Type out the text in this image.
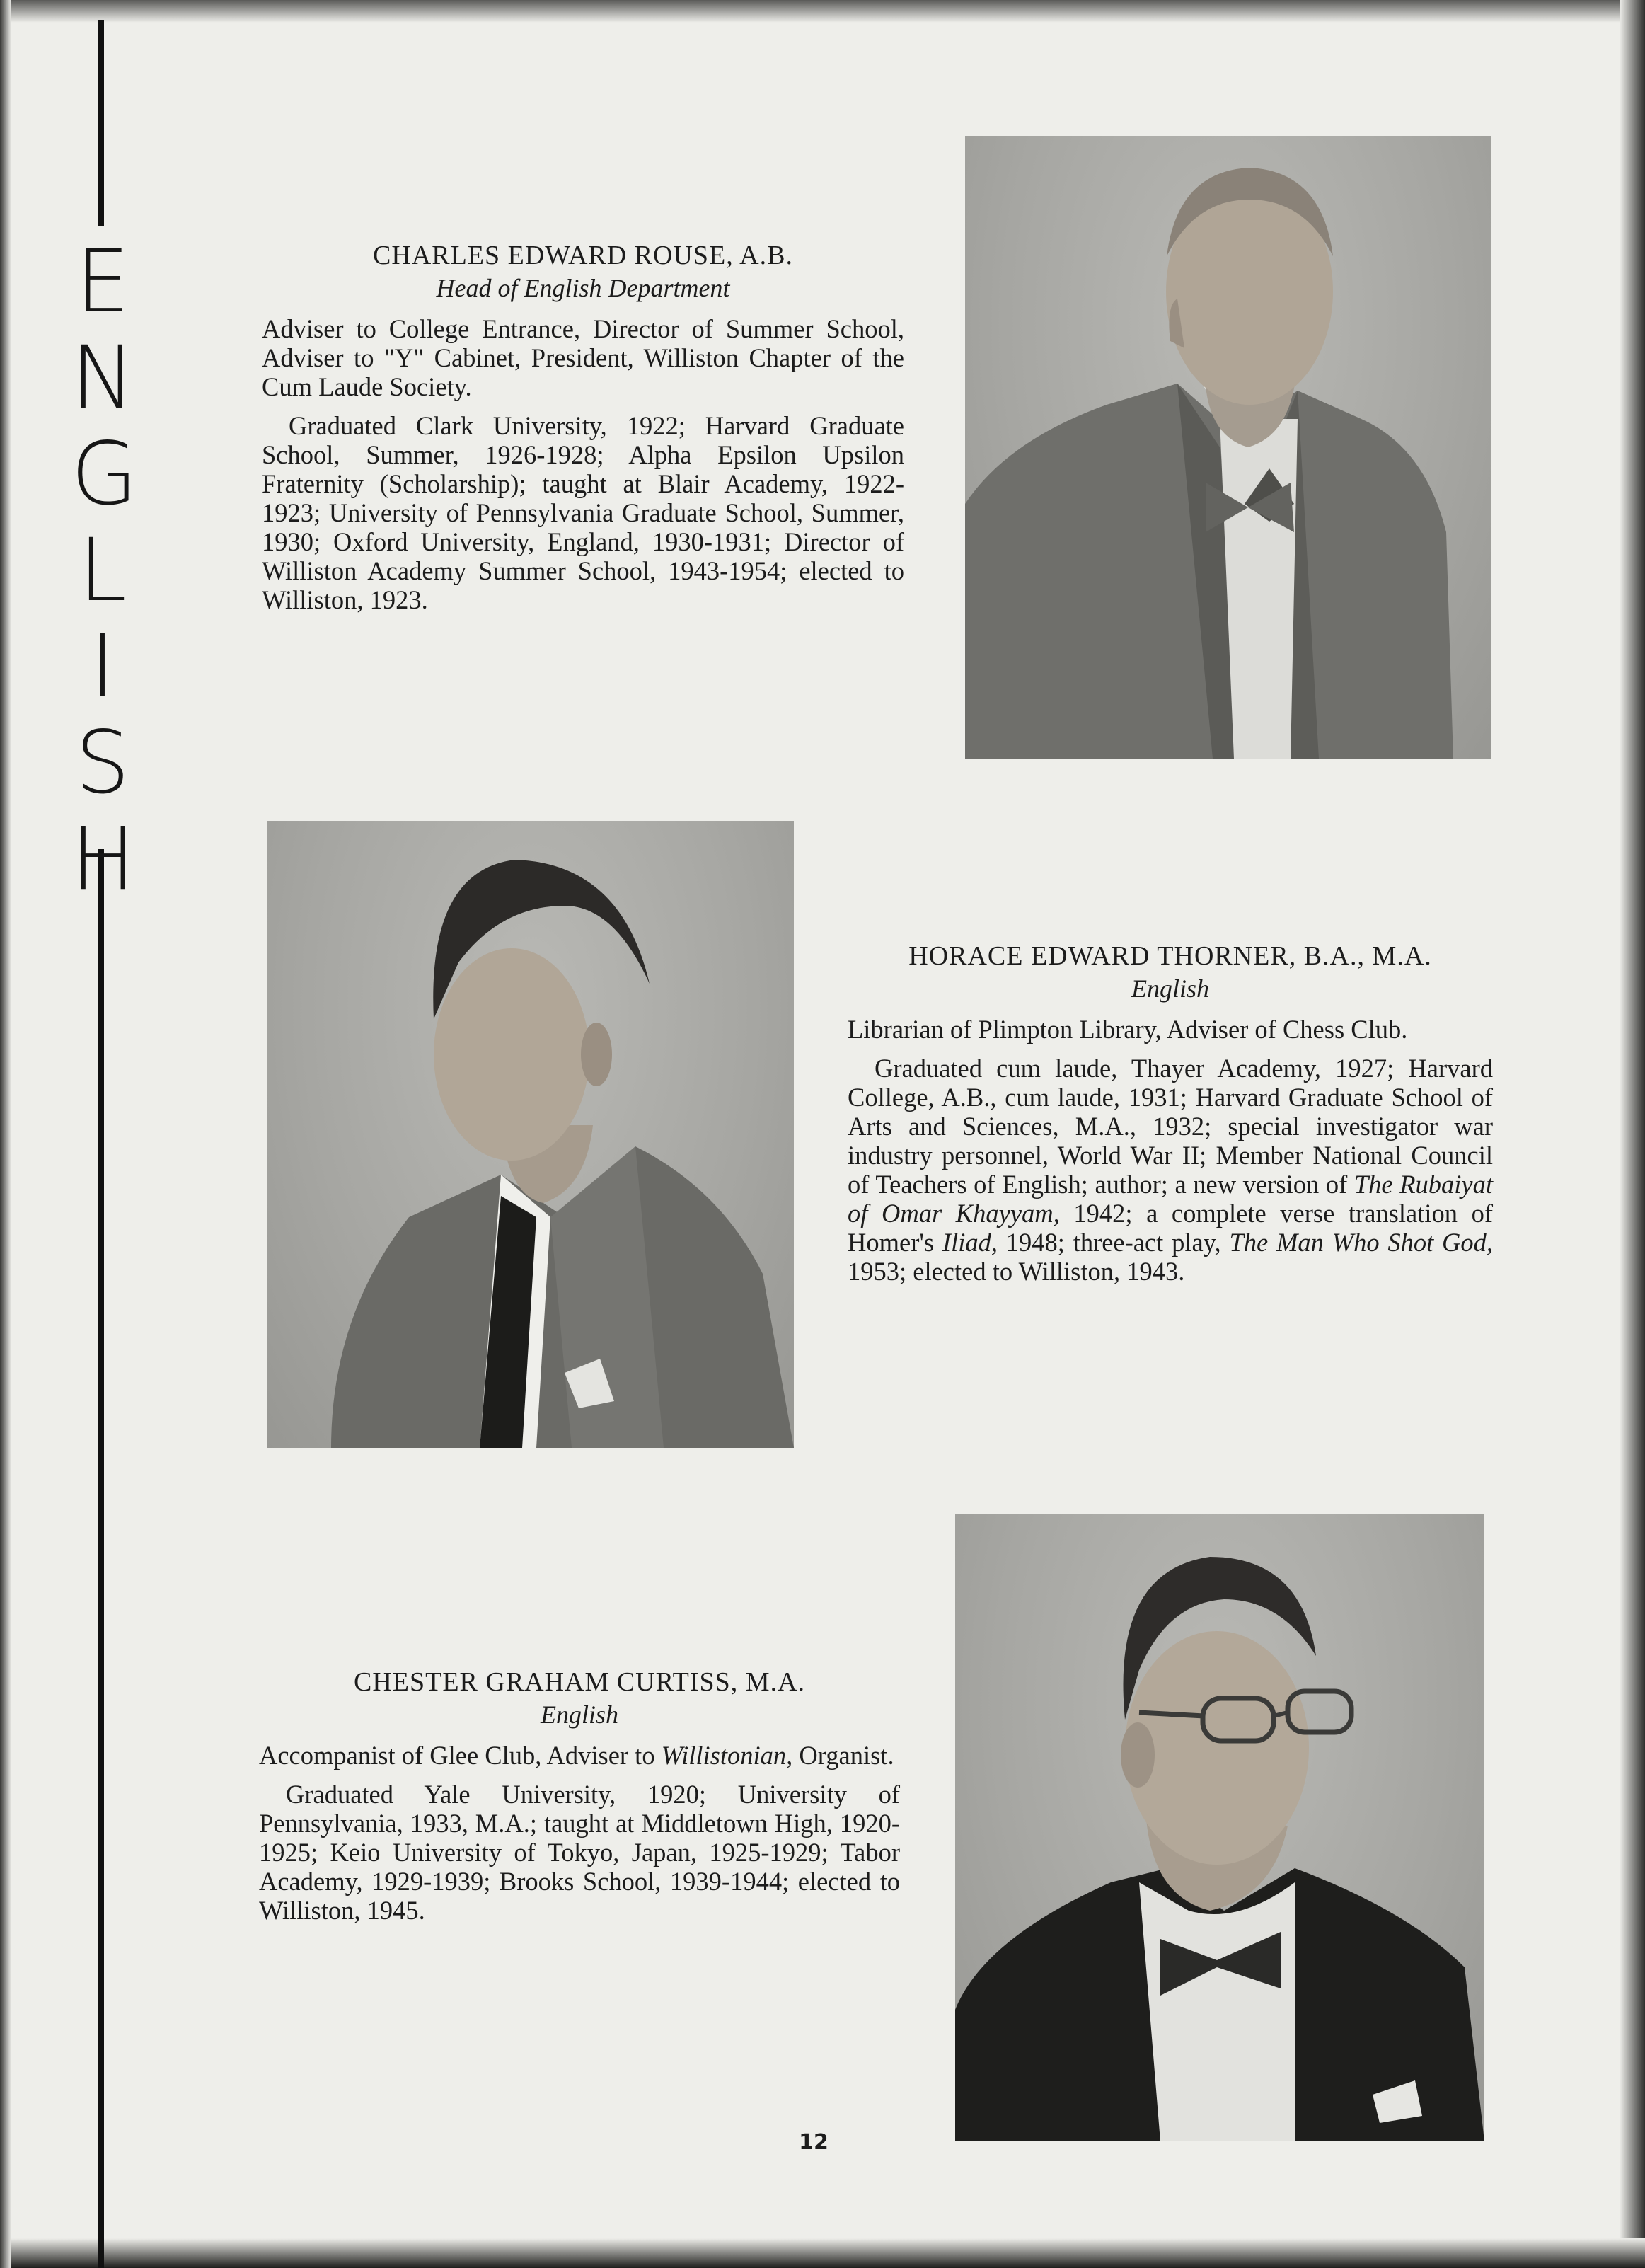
E
N
G
L
I
S
H
CHARLES EDWARD ROUSE, A.B.
Head of English Department

Adviser to College Entrance, Director of Summer School, Adviser to "Y" Cabinet, President, Williston Chapter of the Cum Laude Society.

Graduated Clark University, 1922; Harvard Graduate School, Summer, 1926-1928; Alpha Epsilon Upsilon Fraternity (Scholarship); taught at Blair Academy, 1922-1923; University of Pennsylvania Graduate School, Summer, 1930; Oxford University, England, 1930-1931; Director of Williston Academy Summer School, 1943-1954; elected to Williston, 1923.

HORACE EDWARD THORNER, B.A., M.A.
English

Librarian of Plimpton Library, Adviser of Chess Club.

Graduated cum laude, Thayer Academy, 1927; Harvard College, A.B., cum laude, 1931; Harvard Graduate School of Arts and Sciences, M.A., 1932; special investigator war industry personnel, World War II; Member National Council of Teachers of English; author; a new version of The Rubaiyat of Omar Khayyam, 1942; a complete verse translation of Homer's Iliad, 1948; three-act play, The Man Who Shot God, 1953; elected to Williston, 1943.

CHESTER GRAHAM CURTISS, M.A.
English

Accompanist of Glee Club, Adviser to Willistonian, Organist.

Graduated Yale University, 1920; University of Pennsylvania, 1933, M.A.; taught at Middletown High, 1920-1925; Keio University of Tokyo, Japan, 1925-1929; Tabor Academy, 1929-1939; Brooks School, 1939-1944; elected to Williston, 1945.

12
